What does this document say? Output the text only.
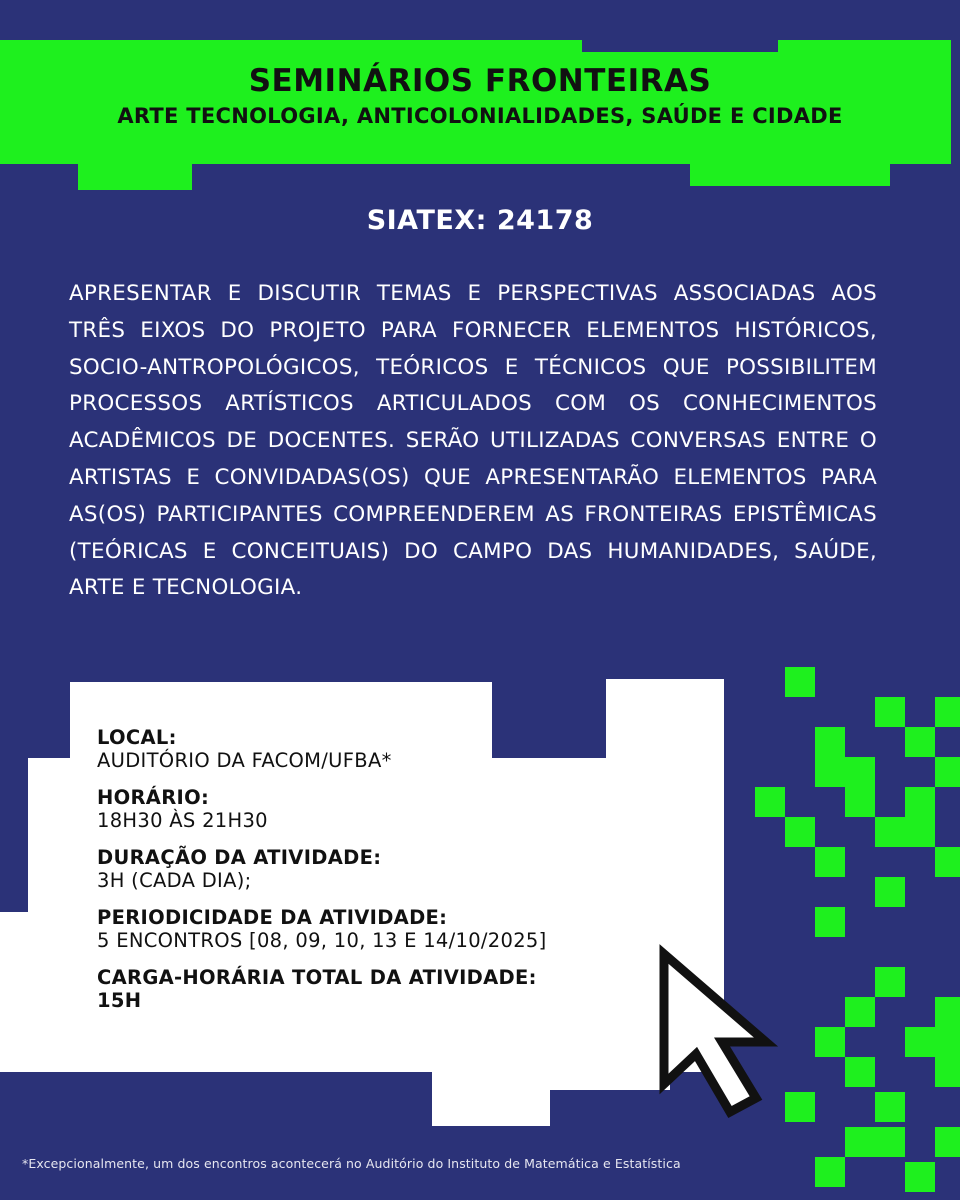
SEMINÁRIOS FRONTEIRAS

ARTE TECNOLOGIA, ANTICOLONIALIDADES, SAÚDE E CIDADE

SIATEX: 24178

APRESENTAR E DISCUTIR TEMAS E PERSPECTIVAS ASSOCIADAS AOS TRÊS EIXOS DO PROJETO PARA FORNECER ELEMENTOS HISTÓRICOS, SOCIO-ANTROPOLÓGICOS, TEÓRICOS E TÉCNICOS QUE POSSIBILITEM PROCESSOS ARTÍSTICOS ARTICULADOS COM OS CONHECIMENTOS ACADÊMICOS DE DOCENTES. SERÃO UTILIZADAS CONVERSAS ENTRE O ARTISTAS E CONVIDADAS(OS) QUE APRESENTARÃO ELEMENTOS PARA AS(OS) PARTICIPANTES COMPREENDEREM AS FRONTEIRAS EPISTÊMICAS (TEÓRICAS E CONCEITUAIS) DO CAMPO DAS HUMANIDADES, SAÚDE, ARTE E TECNOLOGIA.

LOCAL:
AUDITÓRIO DA FACOM/UFBA*
HORÁRIO:
18H30 ÀS 21H30
DURAÇÃO DA ATIVIDADE:
3H (CADA DIA);
PERIODICIDADE DA ATIVIDADE:
5 ENCONTROS [08, 09, 10, 13 E 14/10/2025]
CARGA-HORÁRIA TOTAL DA ATIVIDADE:
15H
*Excepcionalmente, um dos encontros acontecerá no Auditório do Instituto de Matemática e Estatística
